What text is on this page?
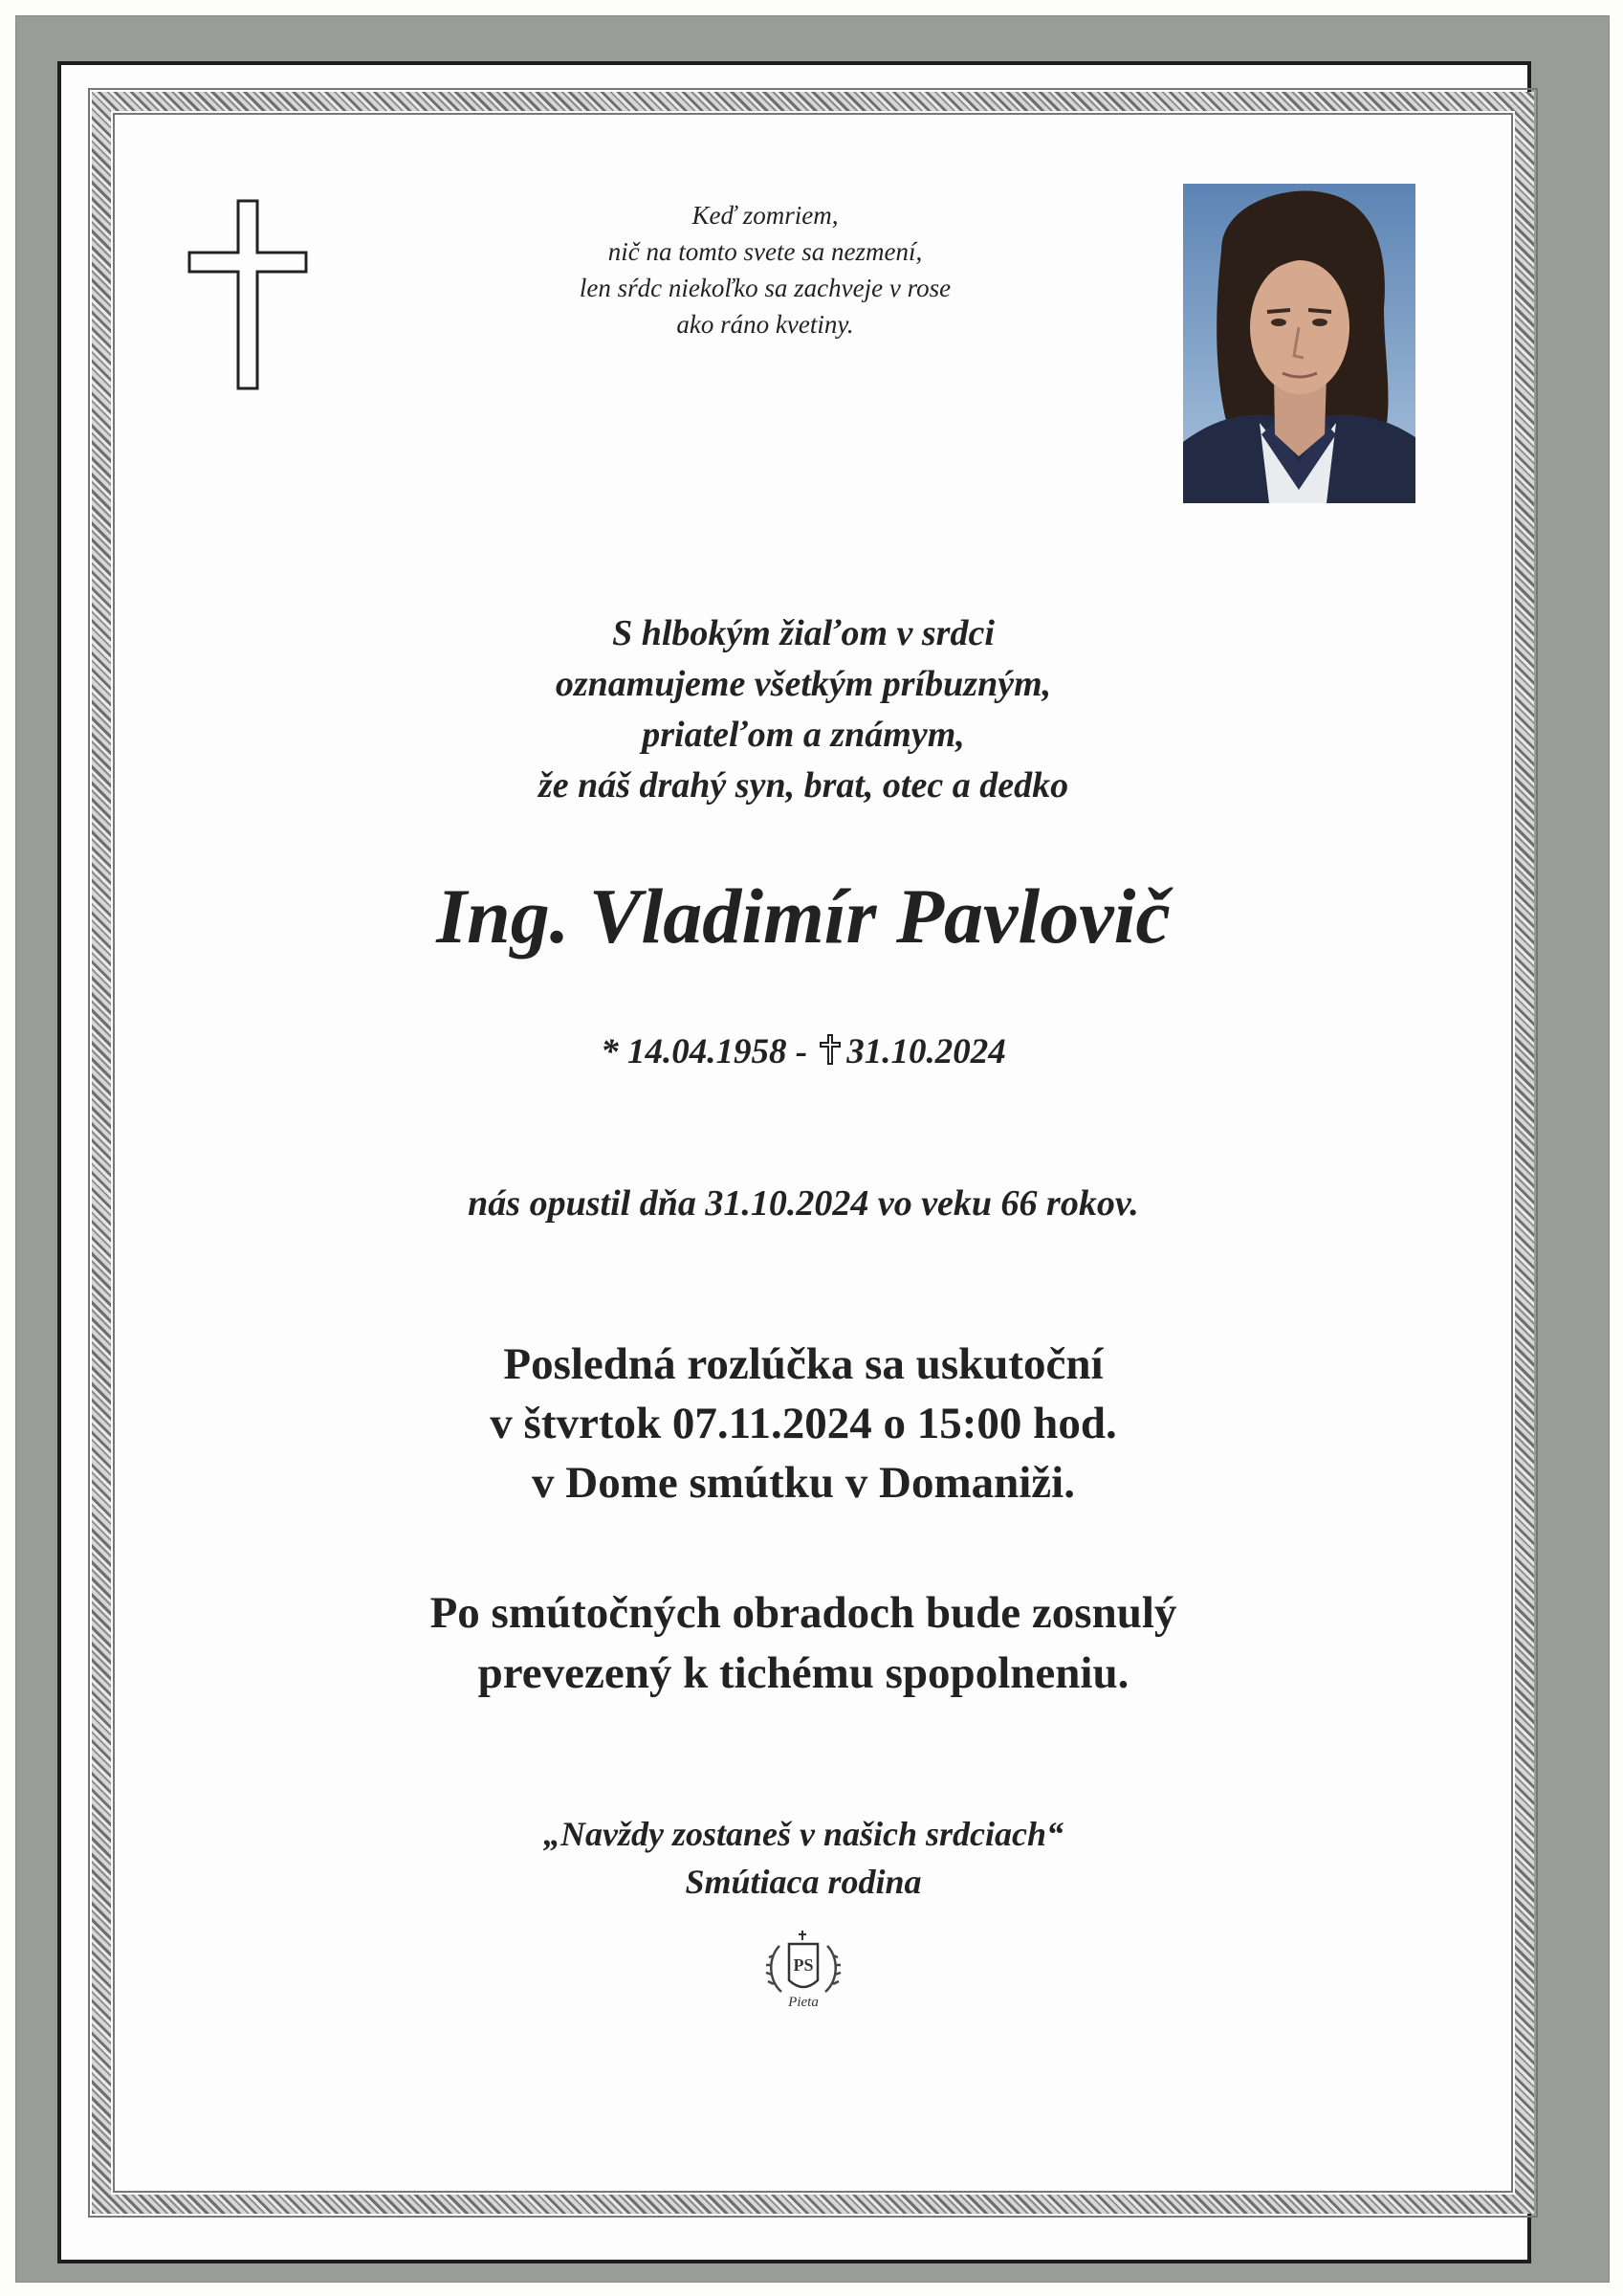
Keď zomriem,
nič na tomto svete sa nezmení,
len sŕdc niekoľko sa zachveje v rose
ako ráno kvetiny.
S hlbokým žiaľom v srdci
oznamujeme všetkým príbuzným,
priateľom a známym,
že náš drahý syn, brat, otec a dedko
Ing. Vladimír Pavlovič
* 14.04.1958 - 31.10.2024
nás opustil dňa 31.10.2024 vo veku 66 rokov.
Posledná rozlúčka sa uskutoční
v štvrtok 07.11.2024 o 15:00 hod.
v Dome smútku v Domaniži.
Po smútočných obradoch bude zosnulý
prevezený k tichému spopolneniu.
„Navždy zostaneš v našich srdciach“
Smútiaca rodina
PS
Pieta
